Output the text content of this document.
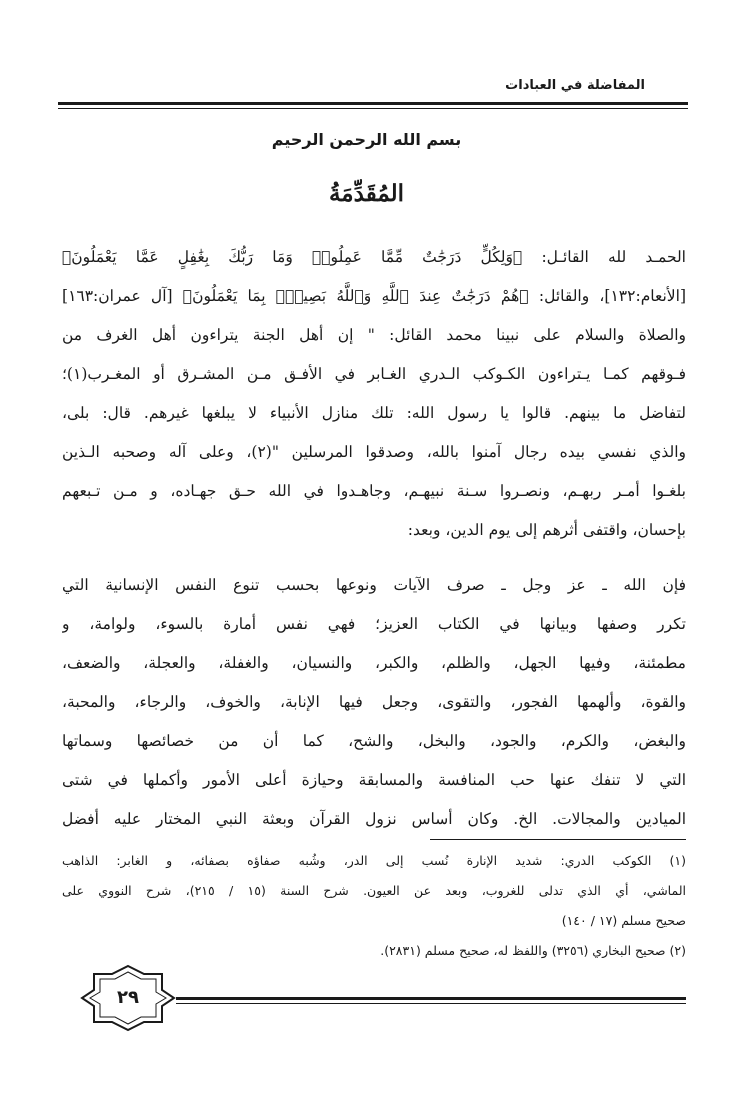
المفاضلة في العبادات
بسم الله الرحمن الرحيم
المُقَدِّمَةُ
الحمـد لله القائـل: ﴿وَلِكُلٍّ دَرَجَٰتٌ مِّمَّا عَمِلُوا۟ وَمَا رَبُّكَ بِغَٰفِلٍ عَمَّا يَعْمَلُونَ﴾
[الأنعام:١٣٢]، والقائل: ﴿هُمْ دَرَجَٰتٌ عِندَ ٱللَّهِ وَٱللَّهُ بَصِيرٌۢ بِمَا يَعْمَلُونَ﴾ [آل عمران:١٦٣]
والصلاة والسلام على نبينا محمد القائل: " إن أهل الجنة يتراءون أهل الغرف من
فـوقهم كمـا يـتراءون الكـوكب الـدري الغـابر في الأفـق مـن المشـرق أو المغـرب(١)؛
لتفاضل ما بينهم. قالوا يا رسول الله: تلك منازل الأنبياء لا يبلغها غيرهم. قال: بلى،
والذي نفسي بيده رجال آمنوا بالله، وصدقوا المرسلين "(٢)، وعلى آله وصحبه الـذين
بلغـوا أمـر ربهـم، ونصـروا سـنة نبيهـم، وجاهـدوا في الله حـق جهـاده، و مـن تـبعهم
بإحسان، واقتفى أثرهم إلى يوم الدين، وبعد:
فإن الله ـ عز وجل ـ صرف الآيات ونوعها بحسب تنوع النفس الإنسانية التي
تكرر وصفها وبيانها في الكتاب العزيز؛ فهي نفس أمارة بالسوء، ولوامة، و
مطمئنة، وفيها الجهل، والظلم، والكبر، والنسيان، والغفلة، والعجلة، والضعف،
والقوة، وألهمها الفجور، والتقوى، وجعل فيها الإنابة، والخوف، والرجاء، والمحبة،
والبغض، والكرم، والجود، والبخل، والشح، كما أن من خصائصها وسماتها
التي لا تنفك عنها حب المنافسة والمسابقة وحيازة أعلى الأمور وأكملها في شتى
الميادين والمجالات. الخ. وكان أساس نزول القرآن وبعثة النبي المختار عليه أفضل
(١) الكوكب الدري: شديد الإنارة نُسب إلى الدر، وشُبه صفاؤه بصفائه، و الغابر: الذاهب
الماشي، أي الذي تدلى للغروب، وبعد عن العيون. شرح السنة (١٥ / ٢١٥)، شرح النووي على
صحيح مسلم (١٧ / ١٤٠)
(٢) صحيح البخاري (٣٢٥٦) واللفظ له، صحيح مسلم (٢٨٣١).
٢٩
